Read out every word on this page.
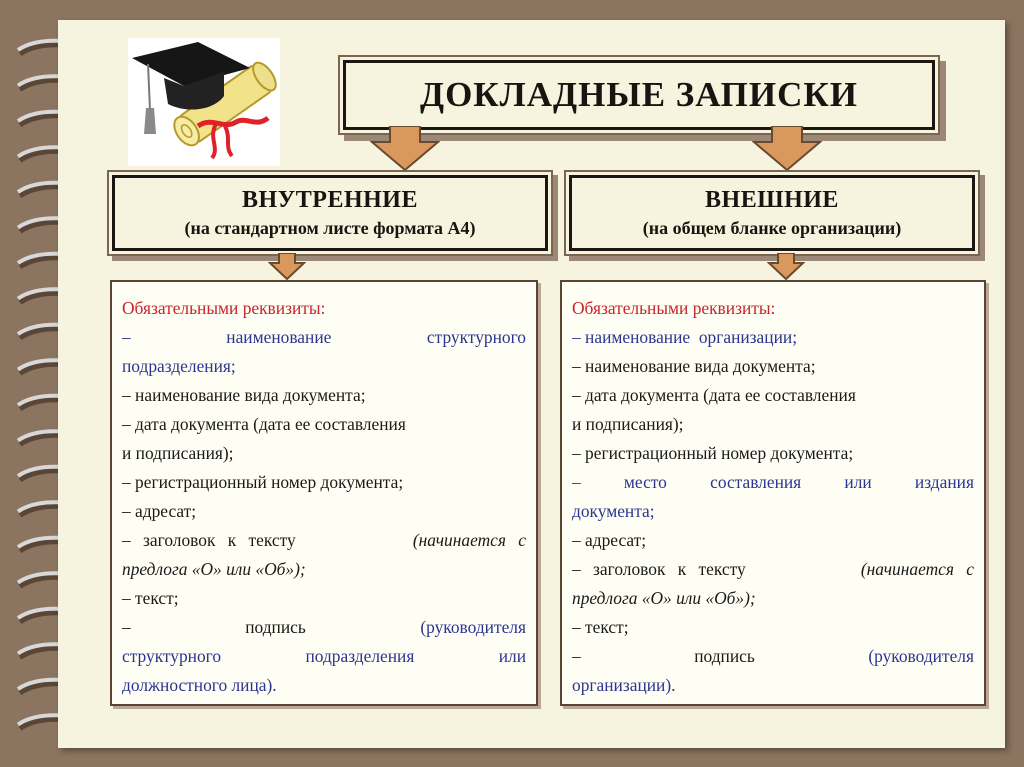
ДОКЛАДНЫЕ ЗАПИСКИ
ВНУТРЕННИЕ
(на стандартном листе формата А4)
ВНЕШНИЕ
(на общем бланке организации)
Обязательными реквизиты:
–	наименование	структурного
подразделения;
– наименование вида документа;
– дата документа (дата ее составления
и подписания);
– регистрационный номер документа;
– адресат;
– заголовок к тексту	(начинается с
предлога «О» или «Об»);
– текст;
–	подпись	(руководителя
структурного	подразделения	или
должностного лица).
Обязательными реквизиты:
– наименование  организации;
– наименование вида документа;
– дата документа (дата ее составления
и подписания);
– регистрационный номер документа;
– место составления или издания
документа;
– адресат;
– заголовок к тексту	(начинается с
предлога «О» или «Об»);
– текст;
–	подпись	(руководителя
организации).
